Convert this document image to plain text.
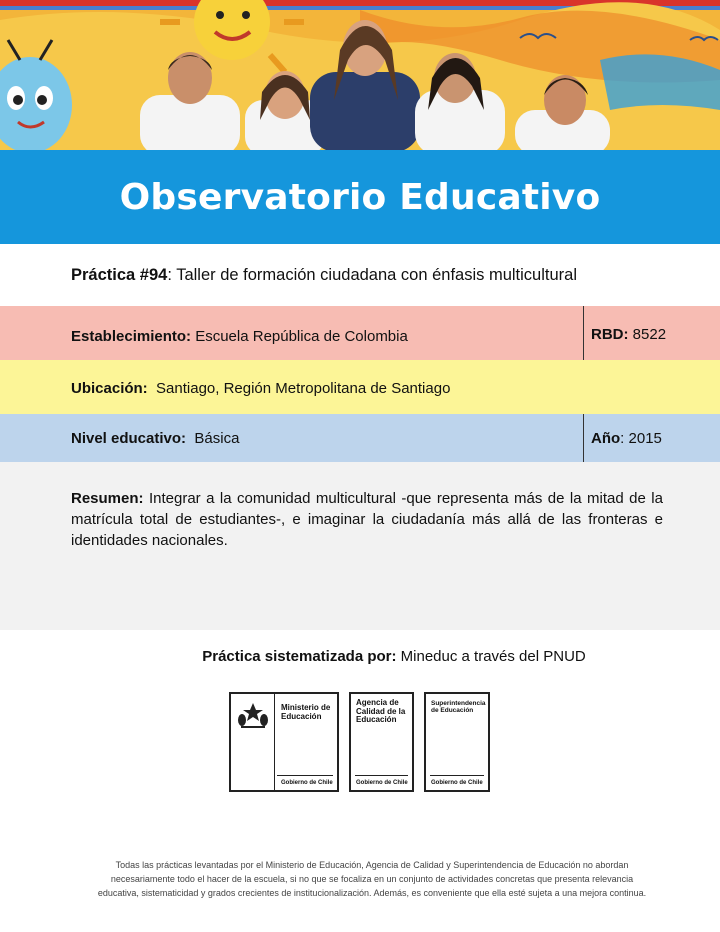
Observatorio Educativo
Práctica #94: Taller de formación ciudadana con énfasis multicultural
Establecimiento: Escuela República de Colombia	RBD: 8522
Ubicación: Santiago, Región Metropolitana de Santiago
Nivel educativo: Básica	Año: 2015

Resumen: Integrar a la comunidad multicultural -que representa más de la mitad de la matrícula total de estudiantes-, e imaginar la ciudadanía más allá de las fronteras e identidades nacionales.

Práctica sistematizada por: Mineduc a través del PNUD
Ministerio de
Educación
Gobierno de Chile
Agencia de
Calidad de la
Educación
Gobierno de Chile
Superintendencia
de Educación
Gobierno de Chile
Todas las prácticas levantadas por el Ministerio de Educación, Agencia de Calidad y Superintendencia de Educación no abordan
necesariamente todo el hacer de la escuela, si no que se focaliza en un conjunto de actividades concretas que presenta relevancia
educativa, sistematicidad y grados crecientes de institucionalización. Además, es conveniente que ella esté sujeta a una mejora continua.
